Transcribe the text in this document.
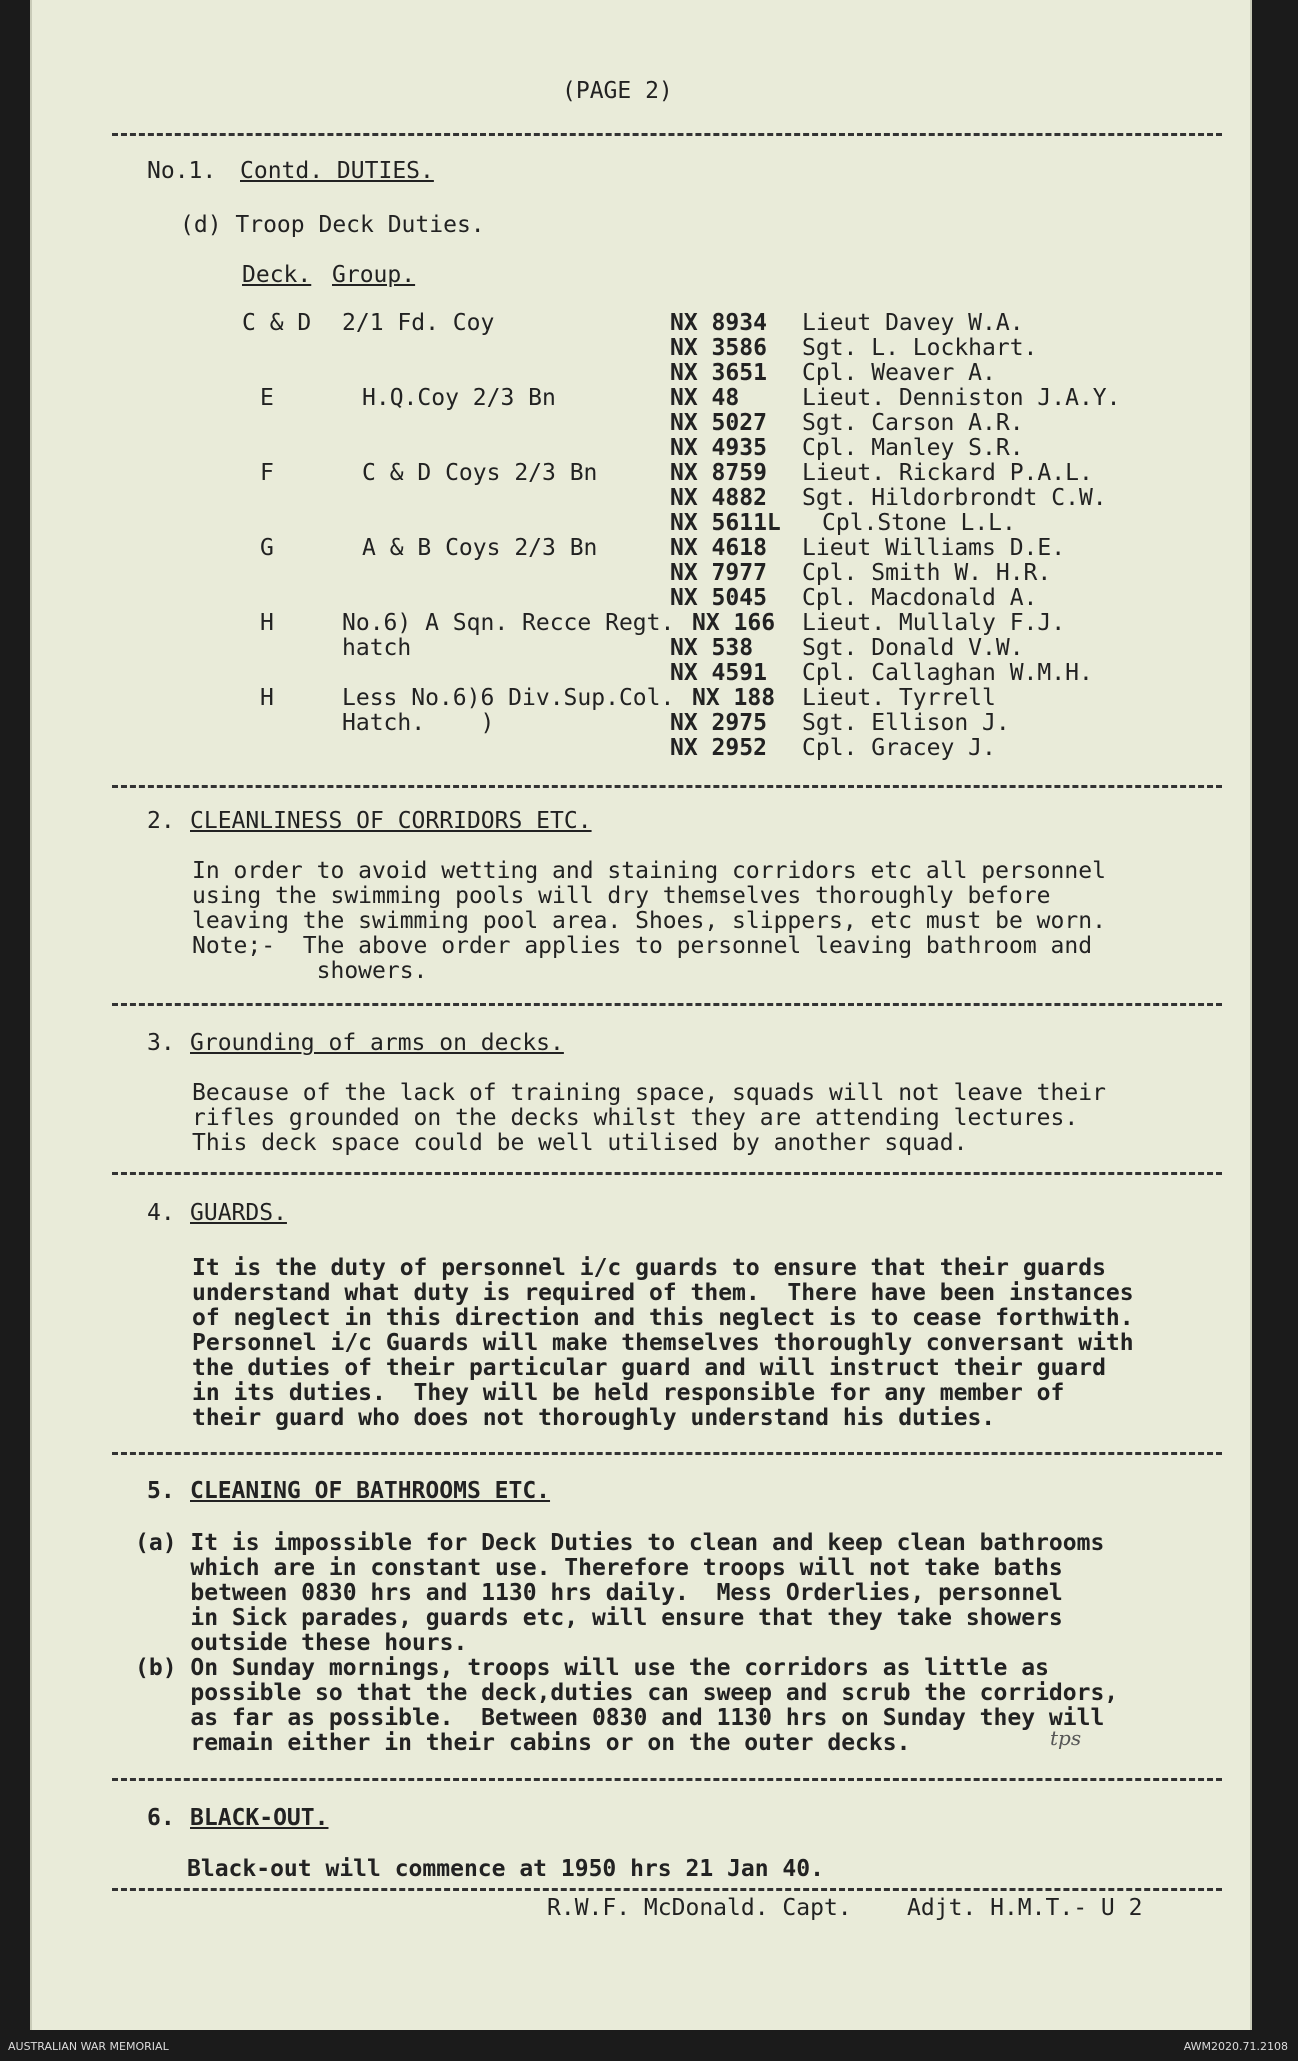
(PAGE 2)
No.1. Contd. DUTIES.
(d) Troop Deck Duties.
Deck. Group.
C & D 2/1 Fd. Coy	NX 8934 Lieut Davey W.A.
NX 3586 Sgt. L. Lockhart.
NX 3651 Cpl. Weaver A.
E	H.Q.Coy 2/3 Bn	NX 48	Lieut. Denniston J.A.Y.
NX 5027 Sgt. Carson A.R.
NX 4935 Cpl. Manley S.R.
F	C & D Coys 2/3 Bn	NX 8759 Lieut. Rickard P.A.L.
NX 4882 Sgt. Hildorbrondt C.W.
NX 5611L Cpl.Stone L.L.
G	A & B Coys 2/3 Bn	NX 4618 Lieut Williams D.E.
NX 7977 Cpl. Smith W. H.R.
NX 5045 Cpl. Macdonald A.
H	No.6) A Sqn. Recce Regt. NX 166 Lieut. Mullaly F.J.
hatch	NX 538 Sgt. Donald V.W.
NX 4591 Cpl. Callaghan W.M.H.
H	Less No.6)6 Div.Sup.Col. NX 188 Lieut. Tyrrell
Hatch.    )	NX 2975 Sgt. Ellison J.
NX 2952 Cpl. Gracey J.
2. CLEANLINESS OF CORRIDORS ETC.
In order to avoid wetting and staining corridors etc all personnel
using the swimming pools will dry themselves thoroughly before
leaving the swimming pool area. Shoes, slippers, etc must be worn.
Note;-  The above order applies to personnel leaving bathroom and
showers.
3. Grounding of arms on decks.
Because of the lack of training space, squads will not leave their
rifles grounded on the decks whilst they are attending lectures.
This deck space could be well utilised by another squad.
4. GUARDS.
It is the duty of personnel i/c guards to ensure that their guards
understand what duty is required of them.  There have been instances
of neglect in this direction and this neglect is to cease forthwith.
Personnel i/c Guards will make themselves thoroughly conversant with
the duties of their particular guard and will instruct their guard
in its duties.  They will be held responsible for any member of
their guard who does not thoroughly understand his duties.
5. CLEANING OF BATHROOMS ETC.
(a) It is impossible for Deck Duties to clean and keep clean bathrooms
which are in constant use. Therefore troops will not take baths
between 0830 hrs and 1130 hrs daily.  Mess Orderlies, personnel
in Sick parades, guards etc, will ensure that they take showers
outside these hours.
(b) On Sunday mornings, troops will use the corridors as little as
possible so that the deck,duties can sweep and scrub the corridors,
as far as possible.  Between 0830 and 1130 hrs on Sunday they will
remain either in their cabins or on the outer decks.	tps
6. BLACK-OUT.
Black-out will commence at 1950 hrs 21 Jan 40.
R.W.F. McDonald. Capt.    Adjt. H.M.T.- U 2
AUSTRALIAN WAR MEMORIAL	AWM2020.71.2108
